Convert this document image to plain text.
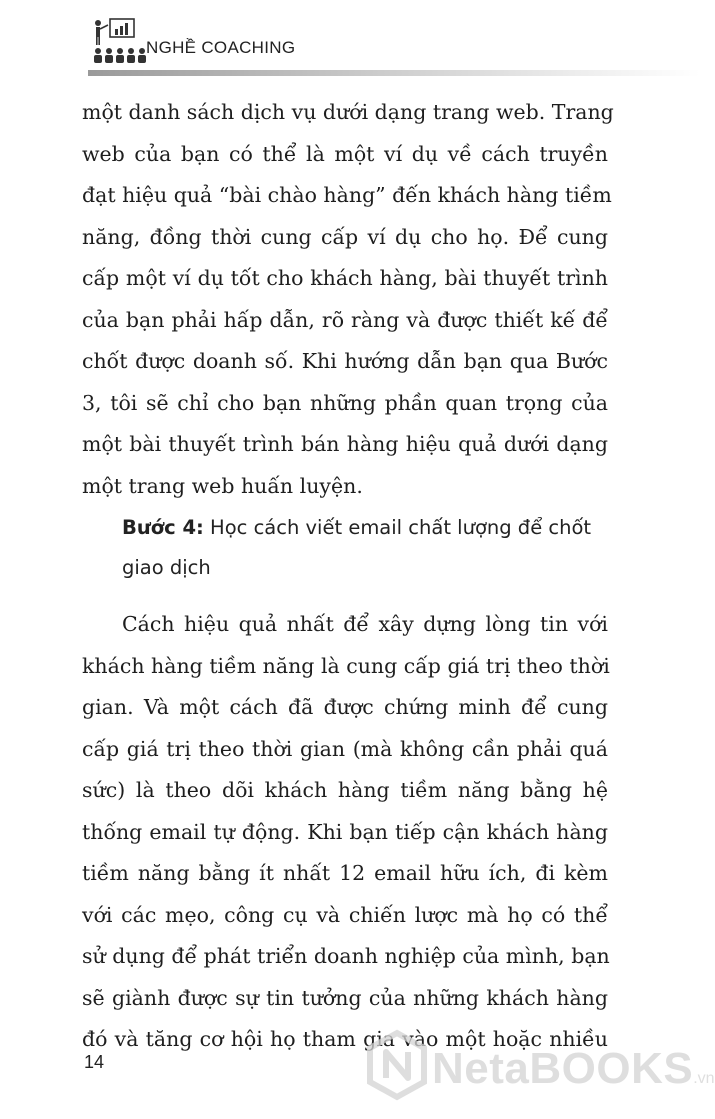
NGHỀ COACHING
một danh sách dịch vụ dưới dạng trang web. Trang
web của bạn có thể là một ví dụ về cách truyền
đạt hiệu quả “bài chào hàng” đến khách hàng tiềm
năng, đồng thời cung cấp ví dụ cho họ. Để cung
cấp một ví dụ tốt cho khách hàng, bài thuyết trình
của bạn phải hấp dẫn, rõ ràng và được thiết kế để
chốt được doanh số. Khi hướng dẫn bạn qua Bước
3, tôi sẽ chỉ cho bạn những phần quan trọng của
một bài thuyết trình bán hàng hiệu quả dưới dạng
một trang web huấn luyện.
Bước 4: Học cách viết email chất lượng để chốt
giao dịch
Cách hiệu quả nhất để xây dựng lòng tin với
khách hàng tiềm năng là cung cấp giá trị theo thời
gian. Và một cách đã được chứng minh để cung
cấp giá trị theo thời gian (mà không cần phải quá
sức) là theo dõi khách hàng tiềm năng bằng hệ
thống email tự động. Khi bạn tiếp cận khách hàng
tiềm năng bằng ít nhất 12 email hữu ích, đi kèm
với các mẹo, công cụ và chiến lược mà họ có thể
sử dụng để phát triển doanh nghiệp của mình, bạn
sẽ giành được sự tin tưởng của những khách hàng
đó và tăng cơ hội họ tham gia vào một hoặc nhiều
14	NetaBOOKS.vn
